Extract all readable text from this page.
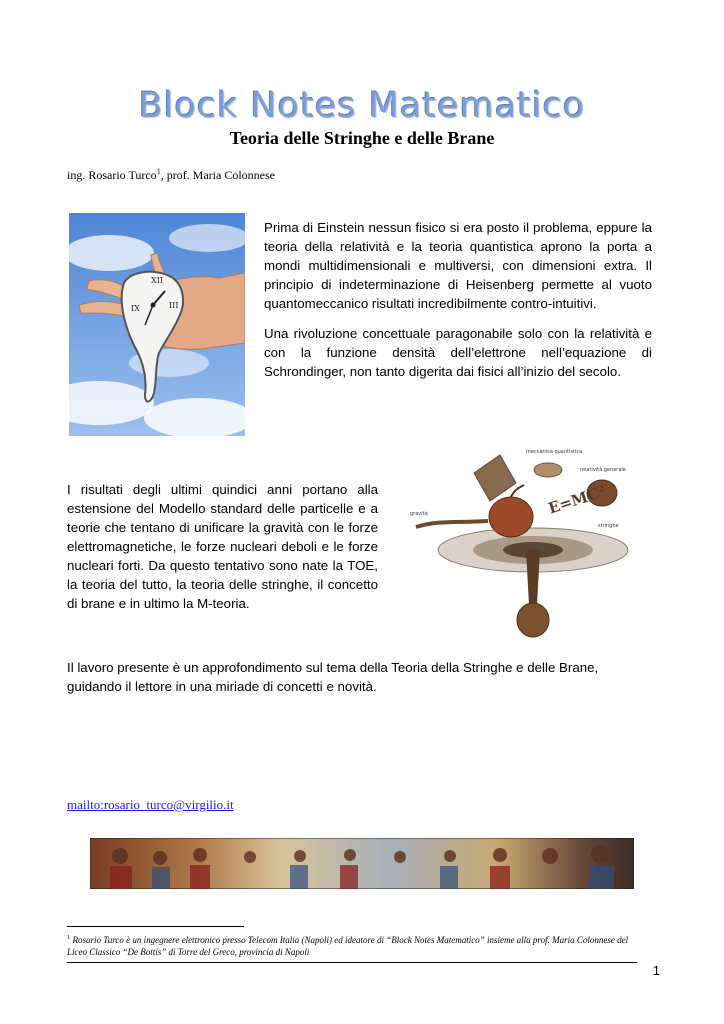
Block Notes Matematico
Teoria delle Stringhe e delle Brane
ing. Rosario Turco$^1$, prof. Maria Colonnese
XII
III
IX
Prima di Einstein nessun fisico si era posto il problema, eppure la teoria della relatività e la teoria quantistica aprono la porta a mondi multidimensionali e multiversi, con dimensioni extra. Il principio di indeterminazione di Heisenberg permette al vuoto quantomeccanico risultati incredibilmente contro-intuitivi.
Una rivoluzione concettuale paragonabile solo con la relatività e con la funzione densità dell’elettrone nell’equazione di Schrondinger, non tanto digerita dai fisici all’inizio del secolo.
E=MC²
gravità
meccanica quantistica
relatività generale
stringhe
I risultati degli ultimi quindici anni portano alla estensione del Modello standard delle particelle e a teorie che tentano di unificare la gravità con le forze elettromagnetiche, le forze nucleari deboli e le forze nucleari forti. Da questo tentativo sono nate la TOE, la teoria del tutto, la teoria delle stringhe, il concetto di brane e in ultimo la M-teoria.
Il lavoro presente è un approfondimento sul tema della Teoria della Stringhe e delle Brane, guidando il lettore in una miriade di concetti e novità.
mailto:rosario_turco@virgilio.it
$^1$ Rosario Turco è un ingegnere elettronico presso Telecom Italia (Napoli) ed ideatore di “Block Notes Matematico” insieme alla prof. Maria Colonnese del Liceo Classico “De Bottis” di Torre del Greco, provincia di Napoli
1
